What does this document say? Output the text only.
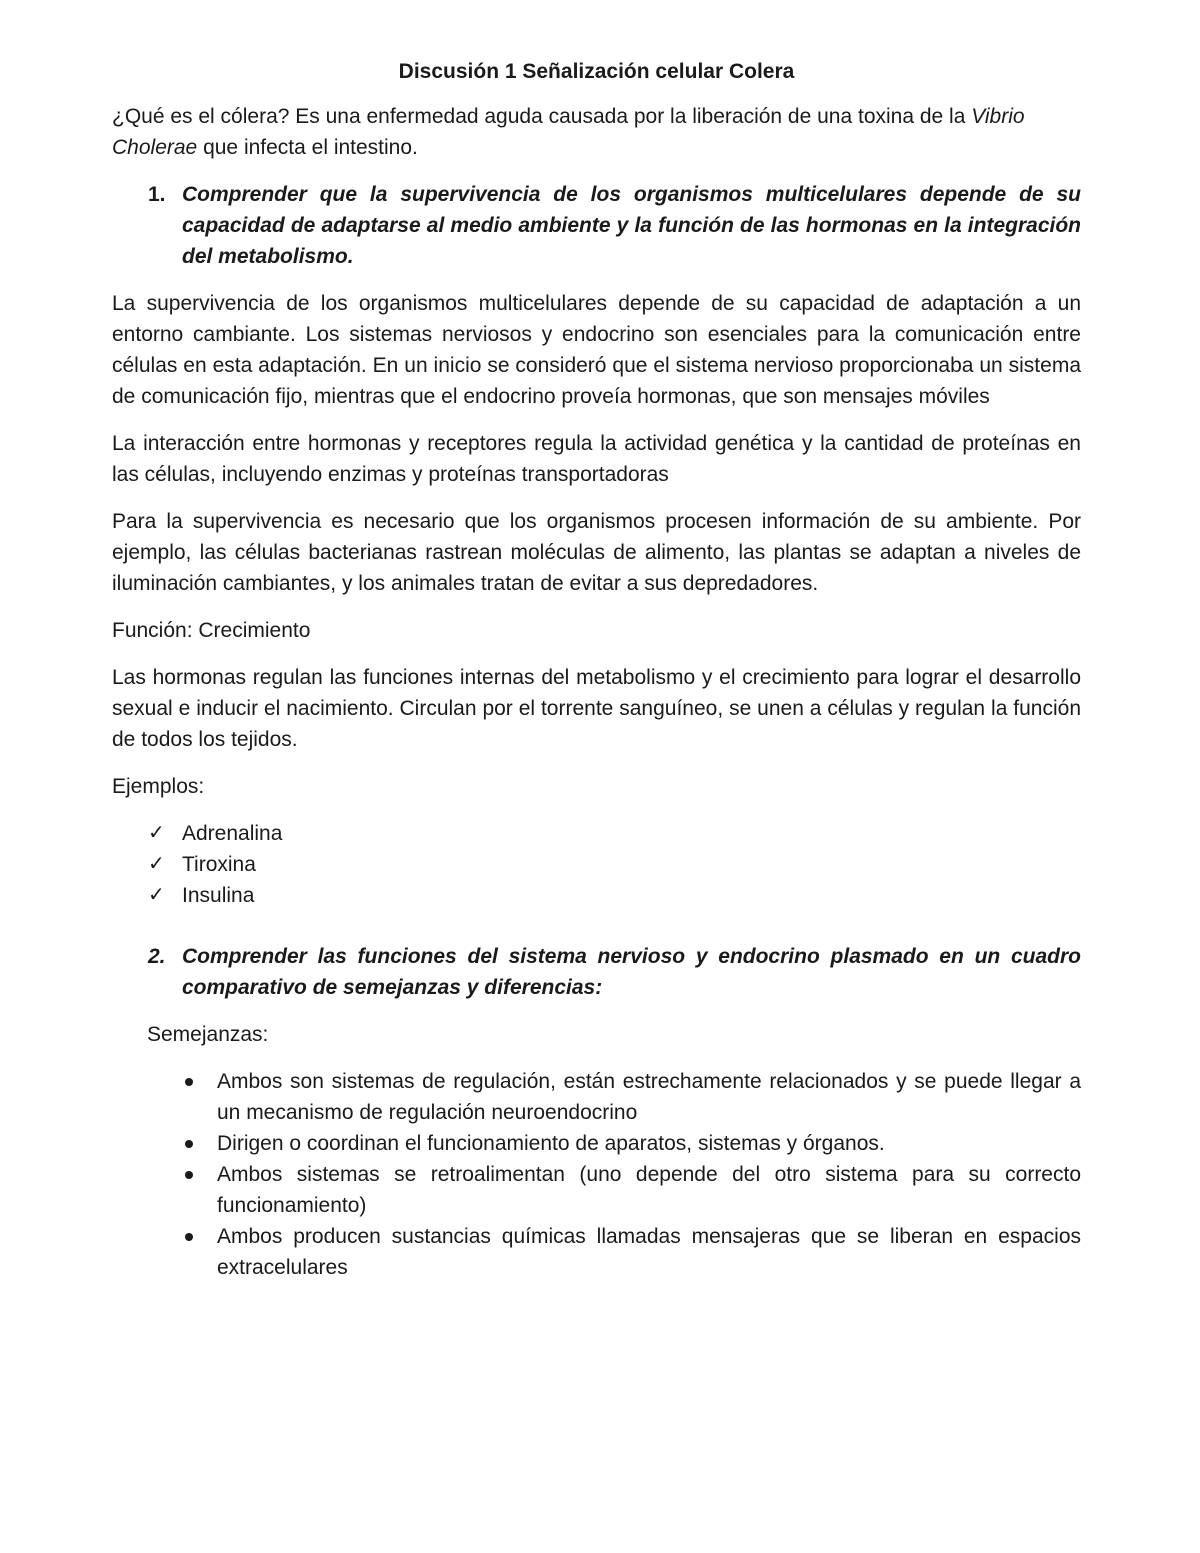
Discusión 1 Señalización celular Colera

¿Qué es el cólera? Es una enfermedad aguda causada por la liberación de una toxina de la Vibrio Cholerae que infecta el intestino.

1. Comprender que la supervivencia de los organismos multicelulares depende de su capacidad de adaptarse al medio ambiente y la función de las hormonas en la integración del metabolismo.

La supervivencia de los organismos multicelulares depende de su capacidad de adaptación a un entorno cambiante. Los sistemas nerviosos y endocrino son esenciales para la comunicación entre células en esta adaptación. En un inicio se consideró que el sistema nervioso proporcionaba un sistema de comunicación fijo, mientras que el endocrino proveía hormonas, que son mensajes móviles

La interacción entre hormonas y receptores regula la actividad genética y la cantidad de proteínas en las células, incluyendo enzimas y proteínas transportadoras

Para la supervivencia es necesario que los organismos procesen información de su ambiente. Por ejemplo, las células bacterianas rastrean moléculas de alimento, las plantas se adaptan a niveles de iluminación cambiantes, y los animales tratan de evitar a sus depredadores.

Función: Crecimiento

Las hormonas regulan las funciones internas del metabolismo y el crecimiento para lograr el desarrollo sexual e inducir el nacimiento. Circulan por el torrente sanguíneo, se unen a células y regulan la función de todos los tejidos.

Ejemplos:

✓ Adrenalina
✓ Tiroxina
✓ Insulina
2. Comprender las funciones del sistema nervioso y endocrino plasmado en un cuadro comparativo de semejanzas y diferencias:

Semejanzas:

Ambos son sistemas de regulación, están estrechamente relacionados y se puede llegar a un mecanismo de regulación neuroendocrino
Dirigen o coordinan el funcionamiento de aparatos, sistemas y órganos.
Ambos sistemas se retroalimentan (uno depende del otro sistema para su correcto funcionamiento)
Ambos producen sustancias químicas llamadas mensajeras que se liberan en espacios extracelulares
